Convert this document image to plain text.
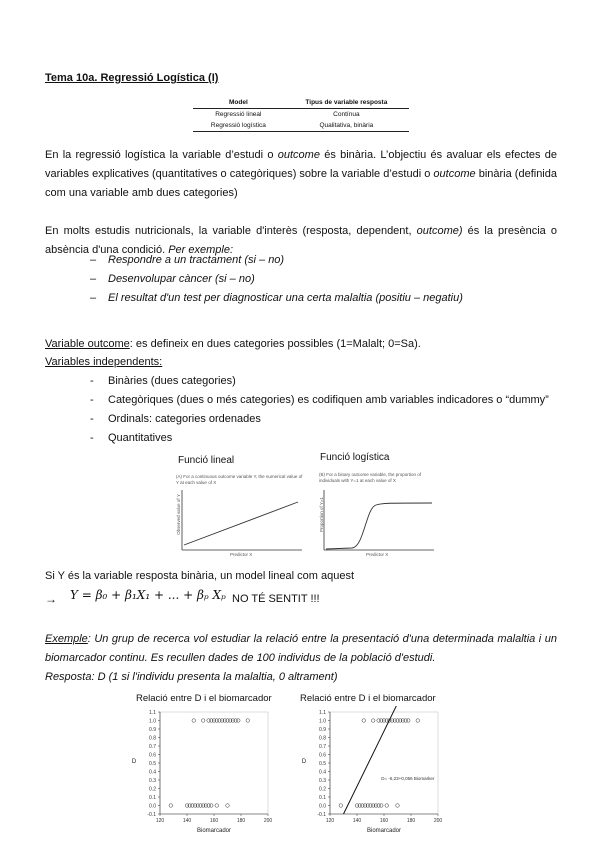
Tema 10a. Regressió Logística (I)
Model	Tipus de variable resposta
Regressió lineal	Contínua
Regressió logística	Qualitativa, binària
En la regressió logística la variable d’estudi o outcome és binària. L’objectiu és avaluar els efectes de variables explicatives (quantitatives o categòriques) sobre la variable d’estudi o outcome binària (definida com una variable amb dues categories)
En molts estudis nutricionals, la variable d'interès (resposta, dependent, outcome) és la presència o absència d'una condició. Per exemple:
– Respondre a un tractament (si – no)
– Desenvolupar càncer (si – no)
– El resultat d'un test per diagnosticar una certa malaltia (positiu – negatiu)
Variable outcome: es defineix en dues categories possibles (1=Malalt; 0=Sa).
Variables independents:
- Binàries (dues categories)
- Categòriques (dues o més categories) es codifiquen amb variables indicadores o “dummy”
- Ordinals: categories ordenades
- Quantitatives
Funció lineal
(A) For a continuous outcome variable Y, the numerical value of Y at each value of X
Observed value of Y
Predictor X
Funció logística
(B) For a binary outcome variable, the proportion of individuals with Y=1 at each value of X
Proportion of Y=1
Predictor X
Si Y és la variable resposta binària, un model lineal com aquest
→ Y = β₀ + β₁X₁ + ... + βₚ Xₚ NO TÉ SENTIT !!!
Exemple: Un grup de recerca vol estudiar la relació entre la presentació d'una determinada malaltia i un biomarcador continu. Es recullen dades de 100 individus de la població d'estudi.
Resposta: D (1 si l'individu presenta la malaltia, 0 altrament)
Relació entre D i el biomarcador	Relació entre D i el biomarcador
1.1
1.0
0.9
0.8
0.7
0.6
0.5
0.4
0.3
0.2
0.1
0.0
-0.1
120	140	160	180	200
Biomarcador
D
1.1
1.0
0.9
0.8
0.7
0.6
0.5
0.4
0.3
0.2
0.1
0.0
-0.1
120	140	160	180	200
Biomarcador
D
D= -6,23+0,056 Biomarker
